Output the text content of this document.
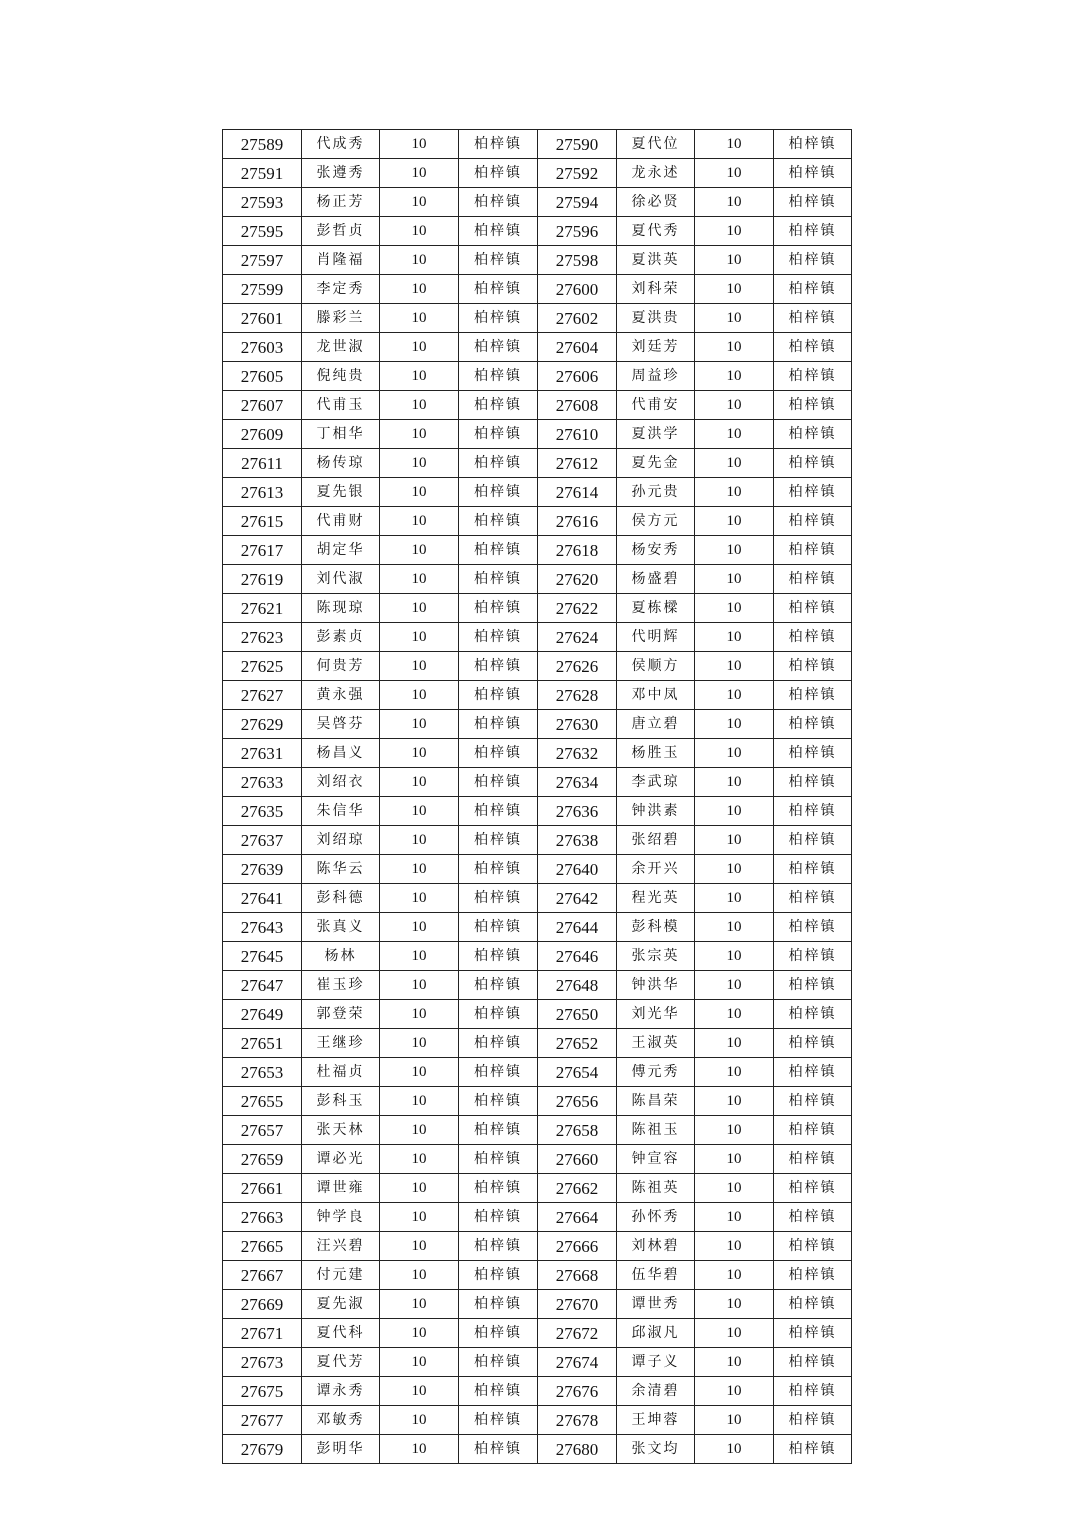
27589	代成秀	10	柏梓镇	27590	夏代位	10	柏梓镇
27591	张遵秀	10	柏梓镇	27592	龙永述	10	柏梓镇
27593	杨正芳	10	柏梓镇	27594	徐必贤	10	柏梓镇
27595	彭哲贞	10	柏梓镇	27596	夏代秀	10	柏梓镇
27597	肖隆福	10	柏梓镇	27598	夏洪英	10	柏梓镇
27599	李定秀	10	柏梓镇	27600	刘科荣	10	柏梓镇
27601	滕彩兰	10	柏梓镇	27602	夏洪贵	10	柏梓镇
27603	龙世淑	10	柏梓镇	27604	刘廷芳	10	柏梓镇
27605	倪纯贵	10	柏梓镇	27606	周益珍	10	柏梓镇
27607	代甫玉	10	柏梓镇	27608	代甫安	10	柏梓镇
27609	丁相华	10	柏梓镇	27610	夏洪学	10	柏梓镇
27611	杨传琼	10	柏梓镇	27612	夏先金	10	柏梓镇
27613	夏先银	10	柏梓镇	27614	孙元贵	10	柏梓镇
27615	代甫财	10	柏梓镇	27616	侯方元	10	柏梓镇
27617	胡定华	10	柏梓镇	27618	杨安秀	10	柏梓镇
27619	刘代淑	10	柏梓镇	27620	杨盛碧	10	柏梓镇
27621	陈现琼	10	柏梓镇	27622	夏栋樑	10	柏梓镇
27623	彭素贞	10	柏梓镇	27624	代明辉	10	柏梓镇
27625	何贵芳	10	柏梓镇	27626	侯顺方	10	柏梓镇
27627	黄永强	10	柏梓镇	27628	邓中凤	10	柏梓镇
27629	吴啓芬	10	柏梓镇	27630	唐立碧	10	柏梓镇
27631	杨昌义	10	柏梓镇	27632	杨胜玉	10	柏梓镇
27633	刘绍衣	10	柏梓镇	27634	李武琼	10	柏梓镇
27635	朱信华	10	柏梓镇	27636	钟洪素	10	柏梓镇
27637	刘绍琼	10	柏梓镇	27638	张绍碧	10	柏梓镇
27639	陈华云	10	柏梓镇	27640	余开兴	10	柏梓镇
27641	彭科德	10	柏梓镇	27642	程光英	10	柏梓镇
27643	张真义	10	柏梓镇	27644	彭科模	10	柏梓镇
27645	杨林	10	柏梓镇	27646	张宗英	10	柏梓镇
27647	崔玉珍	10	柏梓镇	27648	钟洪华	10	柏梓镇
27649	郭登荣	10	柏梓镇	27650	刘光华	10	柏梓镇
27651	王继珍	10	柏梓镇	27652	王淑英	10	柏梓镇
27653	杜福贞	10	柏梓镇	27654	傅元秀	10	柏梓镇
27655	彭科玉	10	柏梓镇	27656	陈昌荣	10	柏梓镇
27657	张天林	10	柏梓镇	27658	陈祖玉	10	柏梓镇
27659	谭必光	10	柏梓镇	27660	钟宣容	10	柏梓镇
27661	谭世雍	10	柏梓镇	27662	陈祖英	10	柏梓镇
27663	钟学良	10	柏梓镇	27664	孙怀秀	10	柏梓镇
27665	汪兴碧	10	柏梓镇	27666	刘林碧	10	柏梓镇
27667	付元建	10	柏梓镇	27668	伍华碧	10	柏梓镇
27669	夏先淑	10	柏梓镇	27670	谭世秀	10	柏梓镇
27671	夏代科	10	柏梓镇	27672	邱淑凡	10	柏梓镇
27673	夏代芳	10	柏梓镇	27674	谭子义	10	柏梓镇
27675	谭永秀	10	柏梓镇	27676	余清碧	10	柏梓镇
27677	邓敏秀	10	柏梓镇	27678	王坤蓉	10	柏梓镇
27679	彭明华	10	柏梓镇	27680	张文均	10	柏梓镇
